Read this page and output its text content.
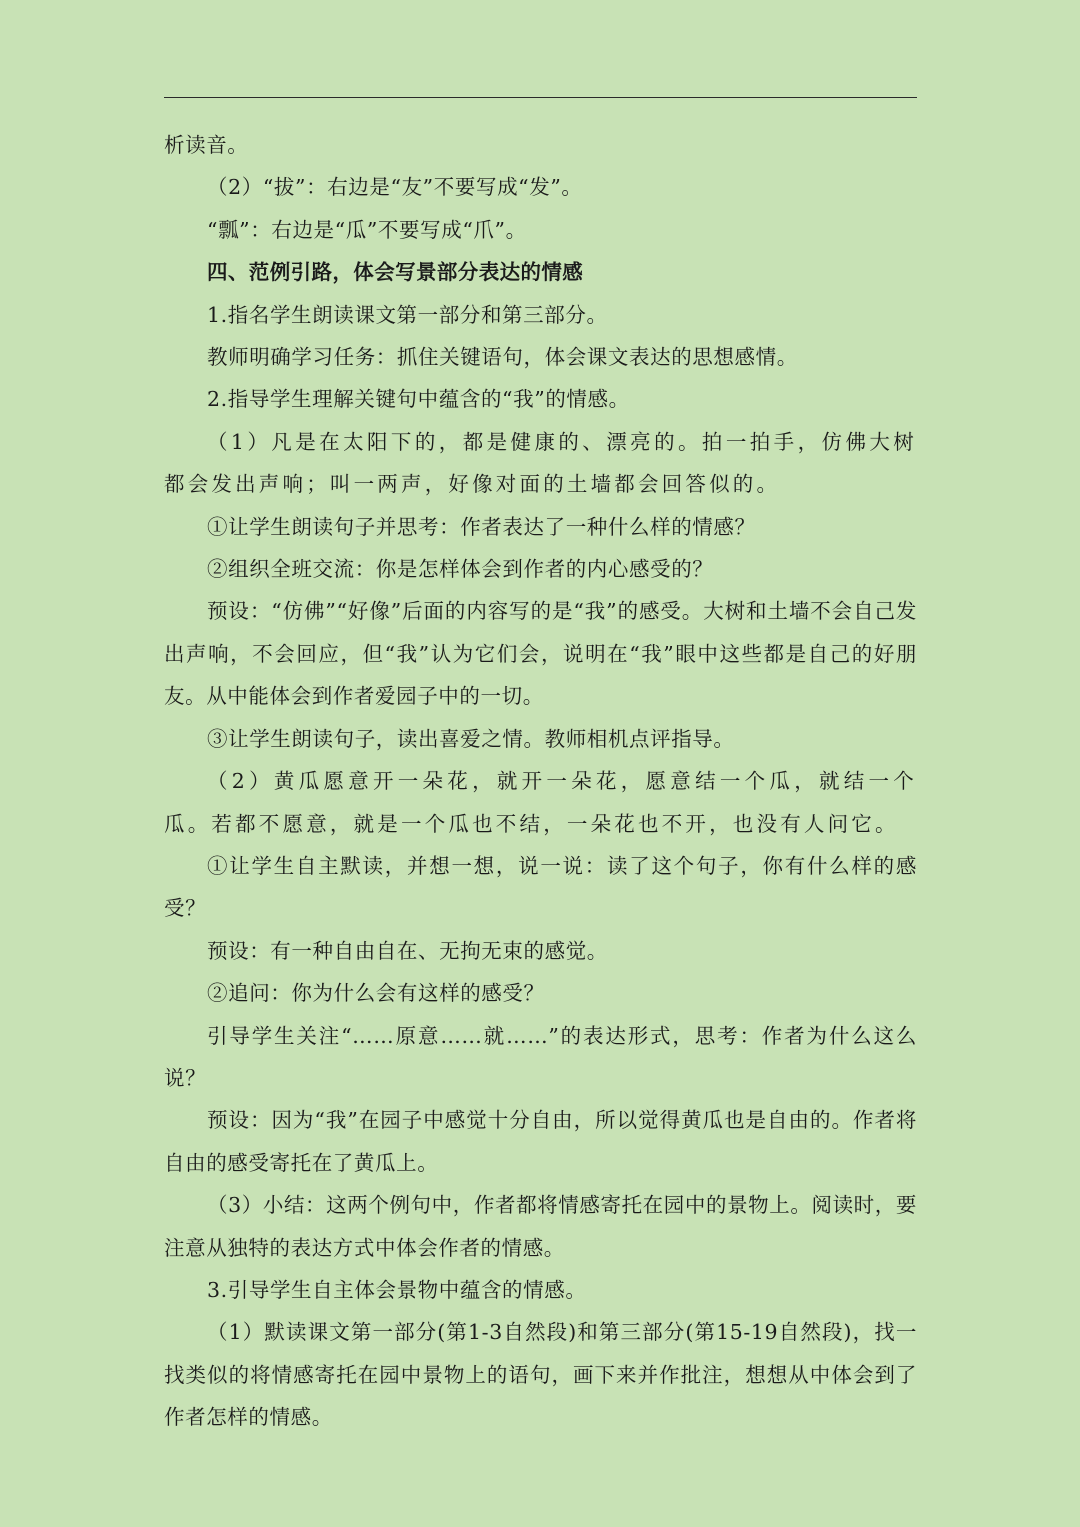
析读音。

（2）“拔”：右边是“友”不要写成“发”。

“瓢”：右边是“瓜”不要写成“爪”。

四、范例引路，体会写景部分表达的情感

1.指名学生朗读课文第一部分和第三部分。

教师明确学习任务：抓住关键语句，体会课文表达的思想感情。

2.指导学生理解关键句中蕴含的“我”的情感。

（1）凡是在太阳下的，都是健康的、漂亮的。拍一拍手，仿佛大树都会发出声响；叫一两声，好像对面的土墙都会回答似的。

①让学生朗读句子并思考：作者表达了一种什么样的情感？

②组织全班交流：你是怎样体会到作者的内心感受的？

预设：“仿佛”“好像”后面的内容写的是“我”的感受。大树和土墙不会自己发出声响，不会回应，但“我”认为它们会，说明在“我”眼中这些都是自己的好朋友。从中能体会到作者爱园子中的一切。

③让学生朗读句子，读出喜爱之情。教师相机点评指导。

（2）黄瓜愿意开一朵花，就开一朵花，愿意结一个瓜，就结一个瓜。若都不愿意，就是一个瓜也不结，一朵花也不开，也没有人问它。

①让学生自主默读，并想一想，说一说：读了这个句子，你有什么样的感受？

预设：有一种自由自在、无拘无束的感觉。

②追问：你为什么会有这样的感受？

引导学生关注“……原意……就……”的表达形式，思考：作者为什么这么说？

预设：因为“我”在园子中感觉十分自由，所以觉得黄瓜也是自由的。作者将自由的感受寄托在了黄瓜上。

（3）小结：这两个例句中，作者都将情感寄托在园中的景物上。阅读时，要注意从独特的表达方式中体会作者的情感。

3.引导学生自主体会景物中蕴含的情感。

（1）默读课文第一部分(第1-3自然段)和第三部分(第15-19自然段)，找一找类似的将情感寄托在园中景物上的语句，画下来并作批注，想想从中体会到了作者怎样的情感。
